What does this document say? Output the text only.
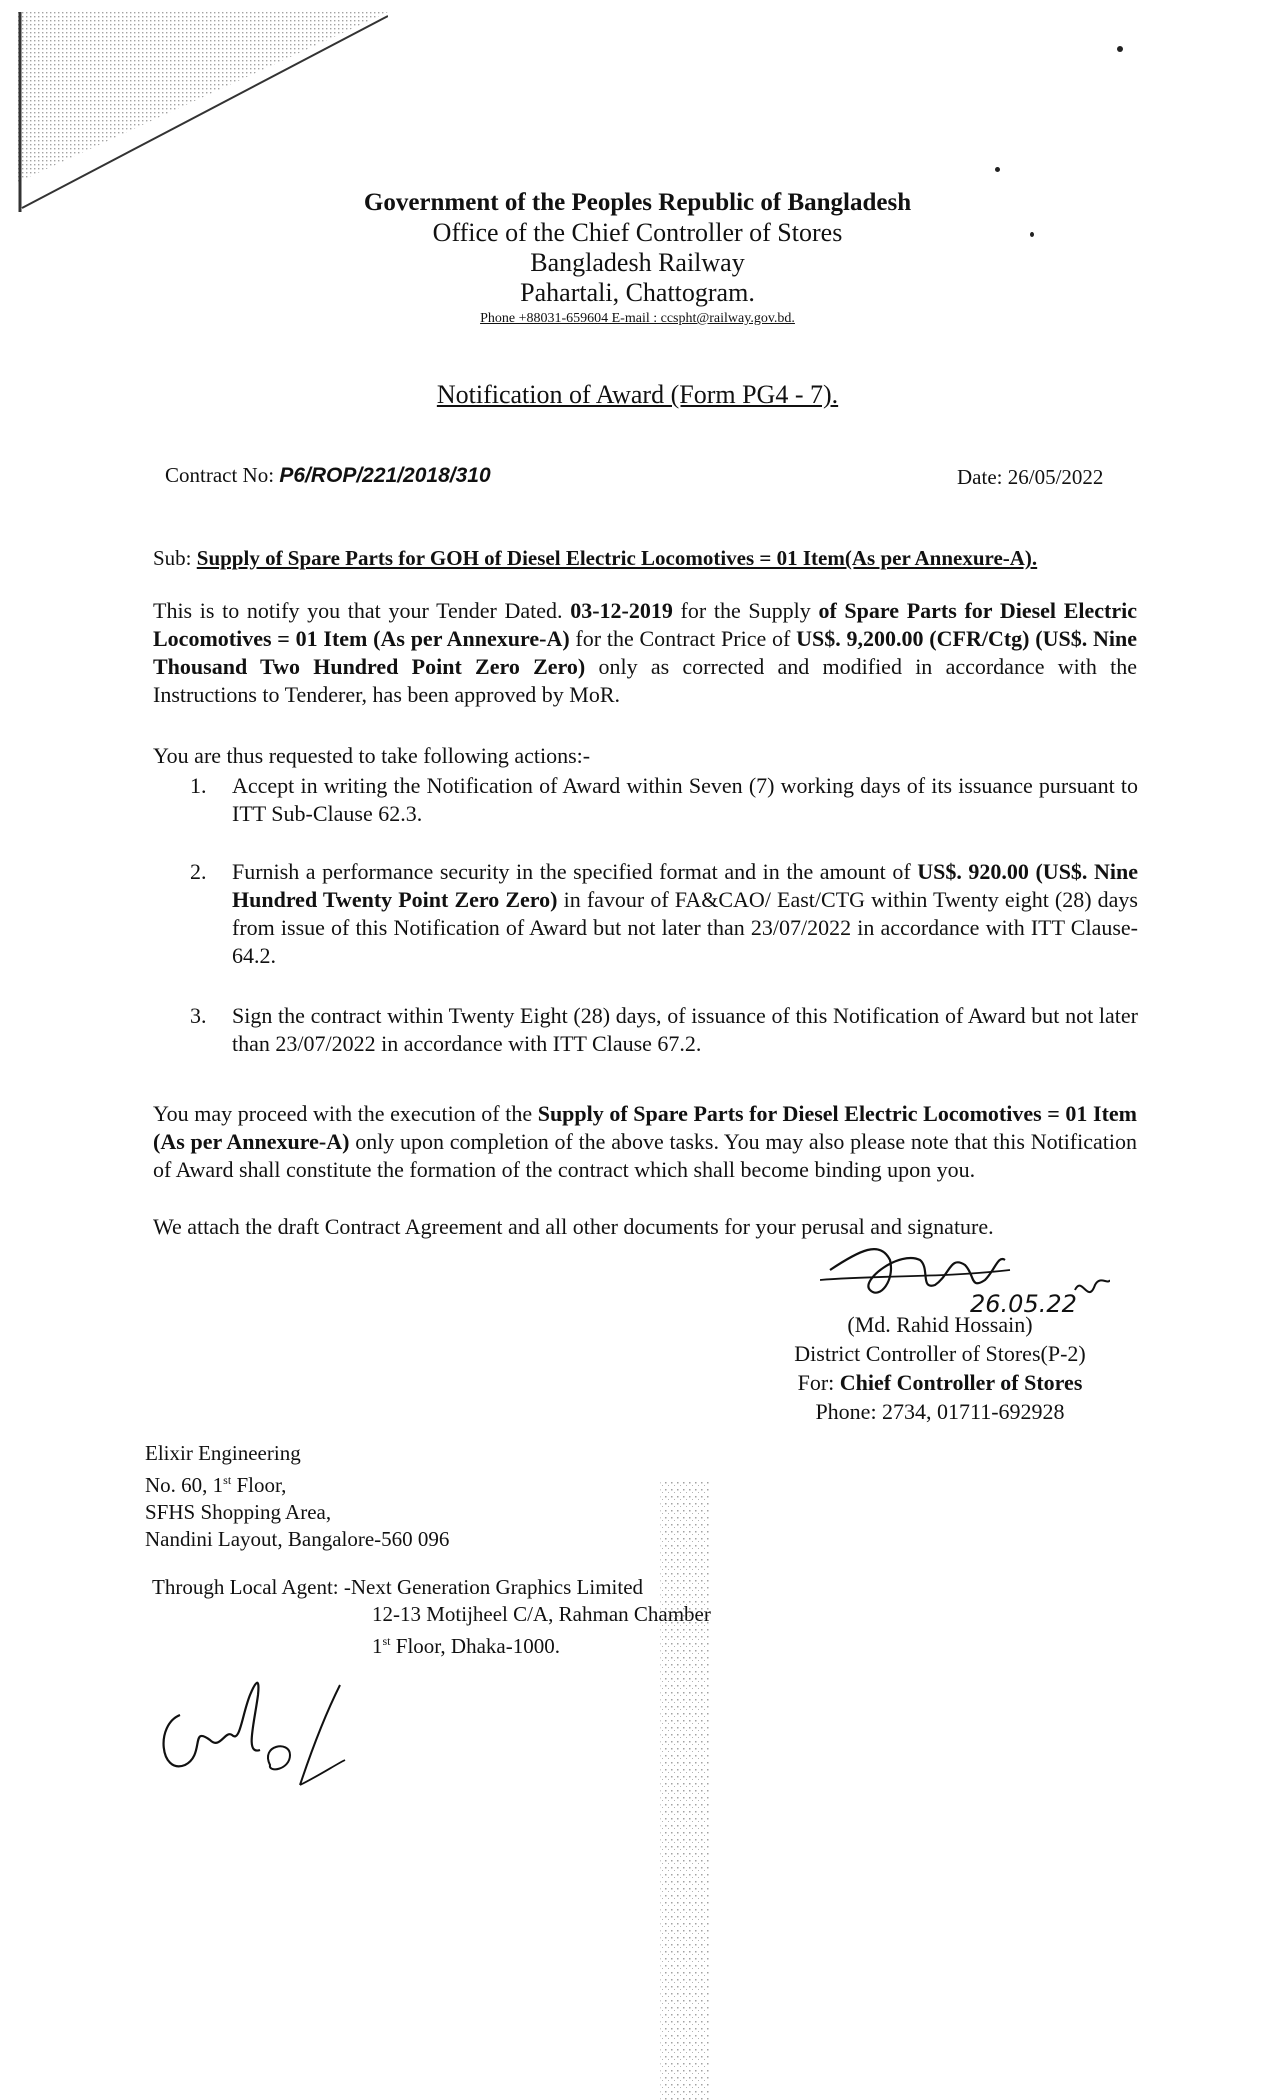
Government of the Peoples Republic of Bangladesh
Office of the Chief Controller of Stores
Bangladesh Railway
Pahartali, Chattogram.
Phone +88031-659604 E-mail : ccspht@railway.gov.bd.
Notification of Award (Form PG4 - 7).
Contract No: P6/ROP/221/2018/310	Date: 26/05/2022
Sub: Supply of Spare Parts for GOH of Diesel Electric Locomotives = 01 Item(As per Annexure-A).
This is to notify you that your Tender Dated. 03-12-2019 for the Supply of Spare Parts for Diesel Electric Locomotives = 01 Item (As per Annexure-A) for the Contract Price of US$. 9,200.00 (CFR/Ctg) (US$. Nine Thousand Two Hundred Point Zero Zero) only as corrected and modified in accordance with the Instructions to Tenderer, has been approved by MoR.
You are thus requested to take following actions:-
1.	Accept in writing the Notification of Award within Seven (7) working days of its issuance pursuant to ITT Sub-Clause 62.3.
2.	Furnish a performance security in the specified format and in the amount of US$. 920.00 (US$. Nine Hundred Twenty Point Zero Zero) in favour of FA&CAO/ East/CTG within Twenty eight (28) days from issue of this Notification of Award but not later than 23/07/2022 in accordance with ITT Clause-64.2.
3.	Sign the contract within Twenty Eight (28) days, of issuance of this Notification of Award but not later than 23/07/2022 in accordance with ITT Clause 67.2.
You may proceed with the execution of the Supply of Spare Parts for Diesel Electric Locomotives = 01 Item (As per Annexure-A) only upon completion of the above tasks. You may also please note that this Notification of Award shall constitute the formation of the contract which shall become binding upon you.
We attach the draft Contract Agreement and all other documents for your perusal and signature.
26.05.22
(Md. Rahid Hossain)
District Controller of Stores(P-2)
For: Chief Controller of Stores
Phone: 2734, 01711-692928
Elixir Engineering
No. 60, 1st Floor,
SFHS Shopping Area,
Nandini Layout, Bangalore-560 096
Through Local Agent: -Next Generation Graphics Limited
12-13 Motijheel C/A, Rahman Chamber
1st Floor, Dhaka-1000.
